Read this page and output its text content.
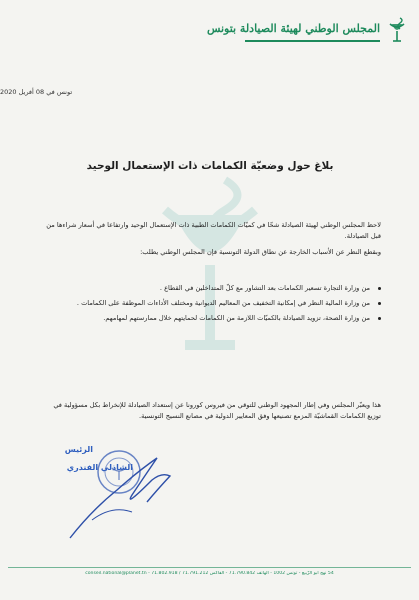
المجلس الوطني لهيئة الصيادلة بتونس
تونس في 08 أفريل 2020
بلاغ حول وضعيّة الكمامات ذات الإستعمال الوحيد

لاحظ المجلس الوطني لهيئة الصيادلة شحّا في كميّات الكمامات الطبية ذات الإستعمال الوحيد وارتفاعا في أسعار شراءها من قبل الصيادلة.

وبقطع النظر عن الأسباب الخارجة عن نطاق الدولة التونسية فإن المجلس الوطني يطلب:

من وزارة التجارة تسعير الكمامات بعد التشاور مع كلّ المتداخلين في القطاع .
من وزارة المالية النظر في إمكانية التخفيف من المعاليم الديوانية ومختلف الأداءات الموظفة على الكمامات .
من وزارة الصحة، تزويد الصيادلة بالكميّات اللازمة من الكمامات لحمايتهم خلال ممارستهم لمهامهم.

هذا ويعبّر المجلس وفي إطار المجهود الوطني للتوقي من فيروس كورونا عن إستعداد الصيادلة للإنخراط بكل مسؤولية في توزيع الكمامات القماشيّة المزمع تصنيعها وفق المعايير الدولية في مصانع النسيج التونسية.

الرئيس
الشاذلي الفندري
54 نهج ابو الرّبيع - تونس 1002 - الهاتف 71.790.842 - الفاكس 71.791.212 / 71.802.918 - conseil.national@planet.tn
